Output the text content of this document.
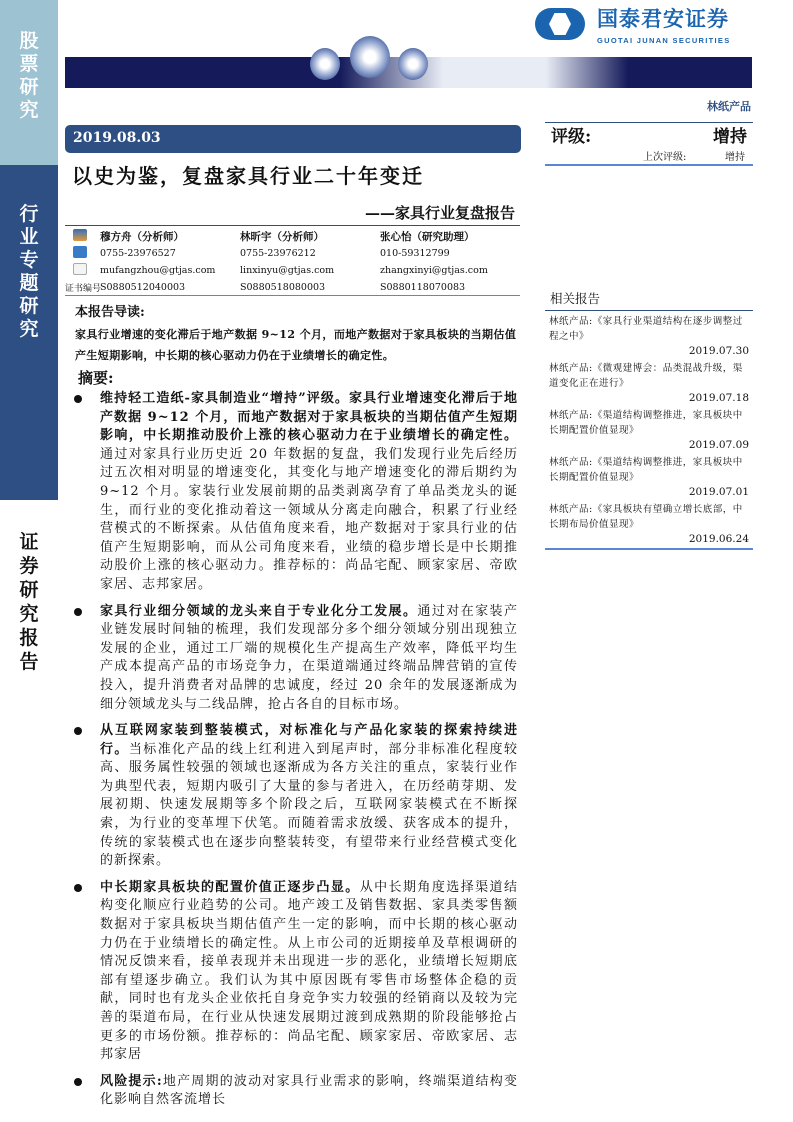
股票研究
行业专题研究
证券研究报告
国泰君安证券
GUOTAI JUNAN SECURITIES
林纸产品
2019.08.03
以史为鉴，复盘家具行业二十年变迁
——家具行业复盘报告
评级:	增持
上次评级:	增持
穆方舟（分析师）	林昕宇（分析师）	张心怡（研究助理）
0755-23976527	0755-23976212	010-59312799
mufangzhou@gtjas.com	linxinyu@gtjas.com	zhangxinyi@gtjas.com
证书编号
S0880512040003	S0880518080003	S0880118070083
本报告导读:
家具行业增速的变化滞后于地产数据 9~12 个月，而地产数据对于家具板块的当期估值产生短期影响，中长期的核心驱动力仍在于业绩增长的确定性。
摘要:
维持轻工造纸-家具制造业“增持”评级。家具行业增速变化滞后于地产数据 9~12 个月，而地产数据对于家具板块的当期估值产生短期影响，中长期推动股价上涨的核心驱动力在于业绩增长的确定性。通过对家具行业历史近 20 年数据的复盘，我们发现行业先后经历过五次相对明显的增速变化，其变化与地产增速变化的滞后期约为 9~12 个月。家装行业发展前期的品类剥离孕育了单品类龙头的诞生，而行业的变化推动着这一领域从分离走向融合，积累了行业经营模式的不断探索。从估值角度来看，地产数据对于家具行业的估值产生短期影响，而从公司角度来看，业绩的稳步增长是中长期推动股价上涨的核心驱动力。推荐标的：尚品宅配、顾家家居、帝欧家居、志邦家居。
家具行业细分领域的龙头来自于专业化分工发展。通过对在家装产业链发展时间轴的梳理，我们发现部分多个细分领域分别出现独立发展的企业，通过工厂端的规模化生产提高生产效率，降低平均生产成本提高产品的市场竞争力，在渠道端通过终端品牌营销的宣传投入，提升消费者对品牌的忠诚度，经过 20 余年的发展逐渐成为细分领域龙头与二线品牌，抢占各自的目标市场。
从互联网家装到整装模式，对标准化与产品化家装的探索持续进行。当标准化产品的线上红利进入到尾声时，部分非标准化程度较高、服务属性较强的领域也逐渐成为各方关注的重点，家装行业作为典型代表，短期内吸引了大量的参与者进入，在历经萌芽期、发展初期、快速发展期等多个阶段之后，互联网家装模式在不断探索，为行业的变革埋下伏笔。而随着需求放缓、获客成本的提升，传统的家装模式也在逐步向整装转变，有望带来行业经营模式变化的新探索。
中长期家具板块的配置价值正逐步凸显。从中长期角度选择渠道结构变化顺应行业趋势的公司。地产竣工及销售数据、家具类零售额数据对于家具板块当期估值产生一定的影响，而中长期的核心驱动力仍在于业绩增长的确定性。从上市公司的近期接单及草根调研的情况反馈来看，接单表现并未出现进一步的恶化，业绩增长短期底部有望逐步确立。我们认为其中原因既有零售市场整体企稳的贡献，同时也有龙头企业依托自身竞争实力较强的经销商以及较为完善的渠道布局，在行业从快速发展期过渡到成熟期的阶段能够抢占更多的市场份额。推荐标的：尚品宅配、顾家家居、帝欧家居、志邦家居
风险提示:地产周期的波动对家具行业需求的影响，终端渠道结构变化影响自然客流增长
相关报告
林纸产品:《家具行业渠道结构在逐步调整过程之中》
2019.07.30
林纸产品:《微观建博会：品类混战升级，渠道变化正在进行》
2019.07.18
林纸产品:《渠道结构调整推进，家具板块中长期配置价值显现》
2019.07.09
林纸产品:《渠道结构调整推进，家具板块中长期配置价值显现》
2019.07.01
林纸产品:《家具板块有望确立增长底部，中长期布局价值显现》
2019.06.24
